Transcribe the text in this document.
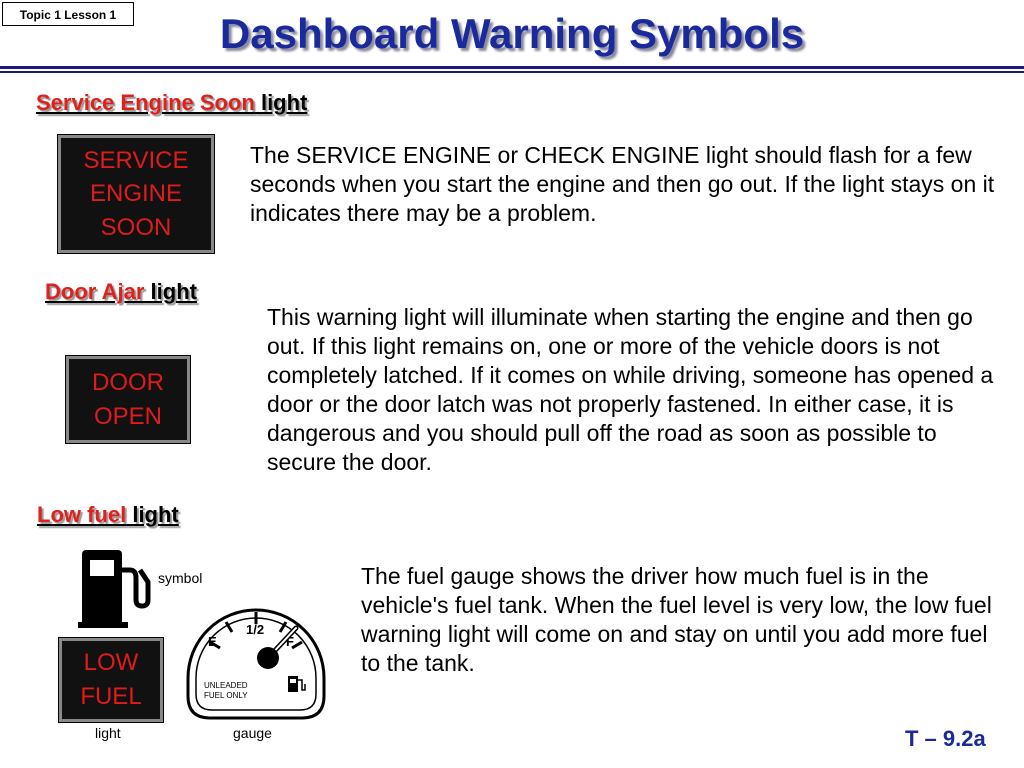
Topic 1 Lesson 1	Dashboard Warning Symbols
Service Engine Soon light
SERVICE
ENGINE
SOON
The SERVICE ENGINE or CHECK ENGINE light should flash for a few seconds when you start the engine and then go out. If the light stays on it indicates there may be a problem.
Door Ajar light
DOOR
OPEN
This warning light will illuminate when starting the engine and then go out. If this light remains on, one or more of the vehicle doors is not completely latched. If it comes on while driving, someone has opened a door or the door latch was not properly fastened. In either case, it is dangerous and you should pull off the road as soon as possible to secure the door.
Low fuel light
symbol
LOW
FUEL
light
E
1/2
F
UNLEADED
FUEL ONLY
gauge
The fuel gauge shows the driver how much fuel is in the vehicle's fuel tank. When the fuel level is very low, the low fuel warning light will come on and stay on until you add more fuel to the tank.
T – 9.2a
